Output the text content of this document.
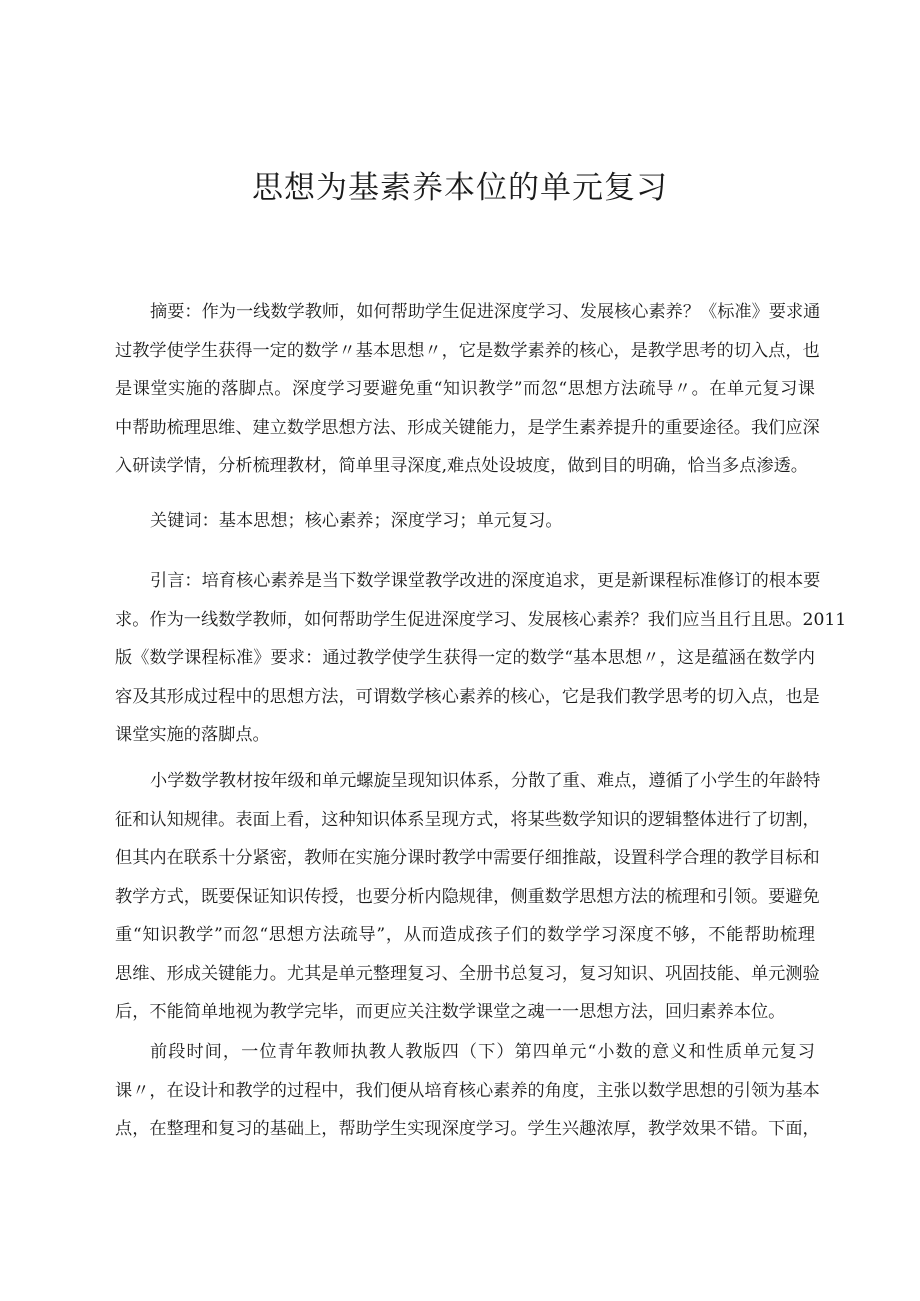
思想为基素养本位的单元复习

摘要：作为一线数学教师，如何帮助学生促进深度学习、发展核心素养？《标准》要求通
过教学使学生获得一定的数学〃基本思想〃，它是数学素养的核心，是教学思考的切入点，也
是课堂实施的落脚点。深度学习要避免重“知识教学”而忽“思想方法疏导〃。在单元复习课
中帮助梳理思维、建立数学思想方法、形成关键能力，是学生素养提升的重要途径。我们应深
入研读学情，分析梳理教材，简单里寻深度,难点处设坡度，做到目的明确，恰当多点渗透。

关键词：基本思想；核心素养；深度学习；单元复习。

引言：培育核心素养是当下数学课堂教学改进的深度追求，更是新课程标准修订的根本要
求。作为一线数学教师，如何帮助学生促进深度学习、发展核心素养？我们应当且行且思。2011
版《数学课程标准》要求：通过教学使学生获得一定的数学“基本思想〃，这是蕴涵在数学内
容及其形成过程中的思想方法，可谓数学核心素养的核心，它是我们教学思考的切入点，也是
课堂实施的落脚点。

小学数学教材按年级和单元螺旋呈现知识体系，分散了重、难点，遵循了小学生的年龄特
征和认知规律。表面上看，这种知识体系呈现方式，将某些数学知识的逻辑整体进行了切割，
但其内在联系十分紧密，教师在实施分课时教学中需要仔细推敲，设置科学合理的教学目标和
教学方式，既要保证知识传授，也要分析内隐规律，侧重数学思想方法的梳理和引领。要避免
重“知识教学”而忽“思想方法疏导”，从而造成孩子们的数学学习深度不够，不能帮助梳理
思维、形成关键能力。尤其是单元整理复习、全册书总复习，复习知识、巩固技能、单元测验
后，不能简单地视为教学完毕，而更应关注数学课堂之魂一一思想方法，回归素养本位。

前段时间，一位青年教师执教人教版四（下）第四单元“小数的意义和性质单元复习
课〃，在设计和教学的过程中，我们便从培育核心素养的角度，主张以数学思想的引领为基本
点，在整理和复习的基础上，帮助学生实现深度学习。学生兴趣浓厚，教学效果不错。下面，
